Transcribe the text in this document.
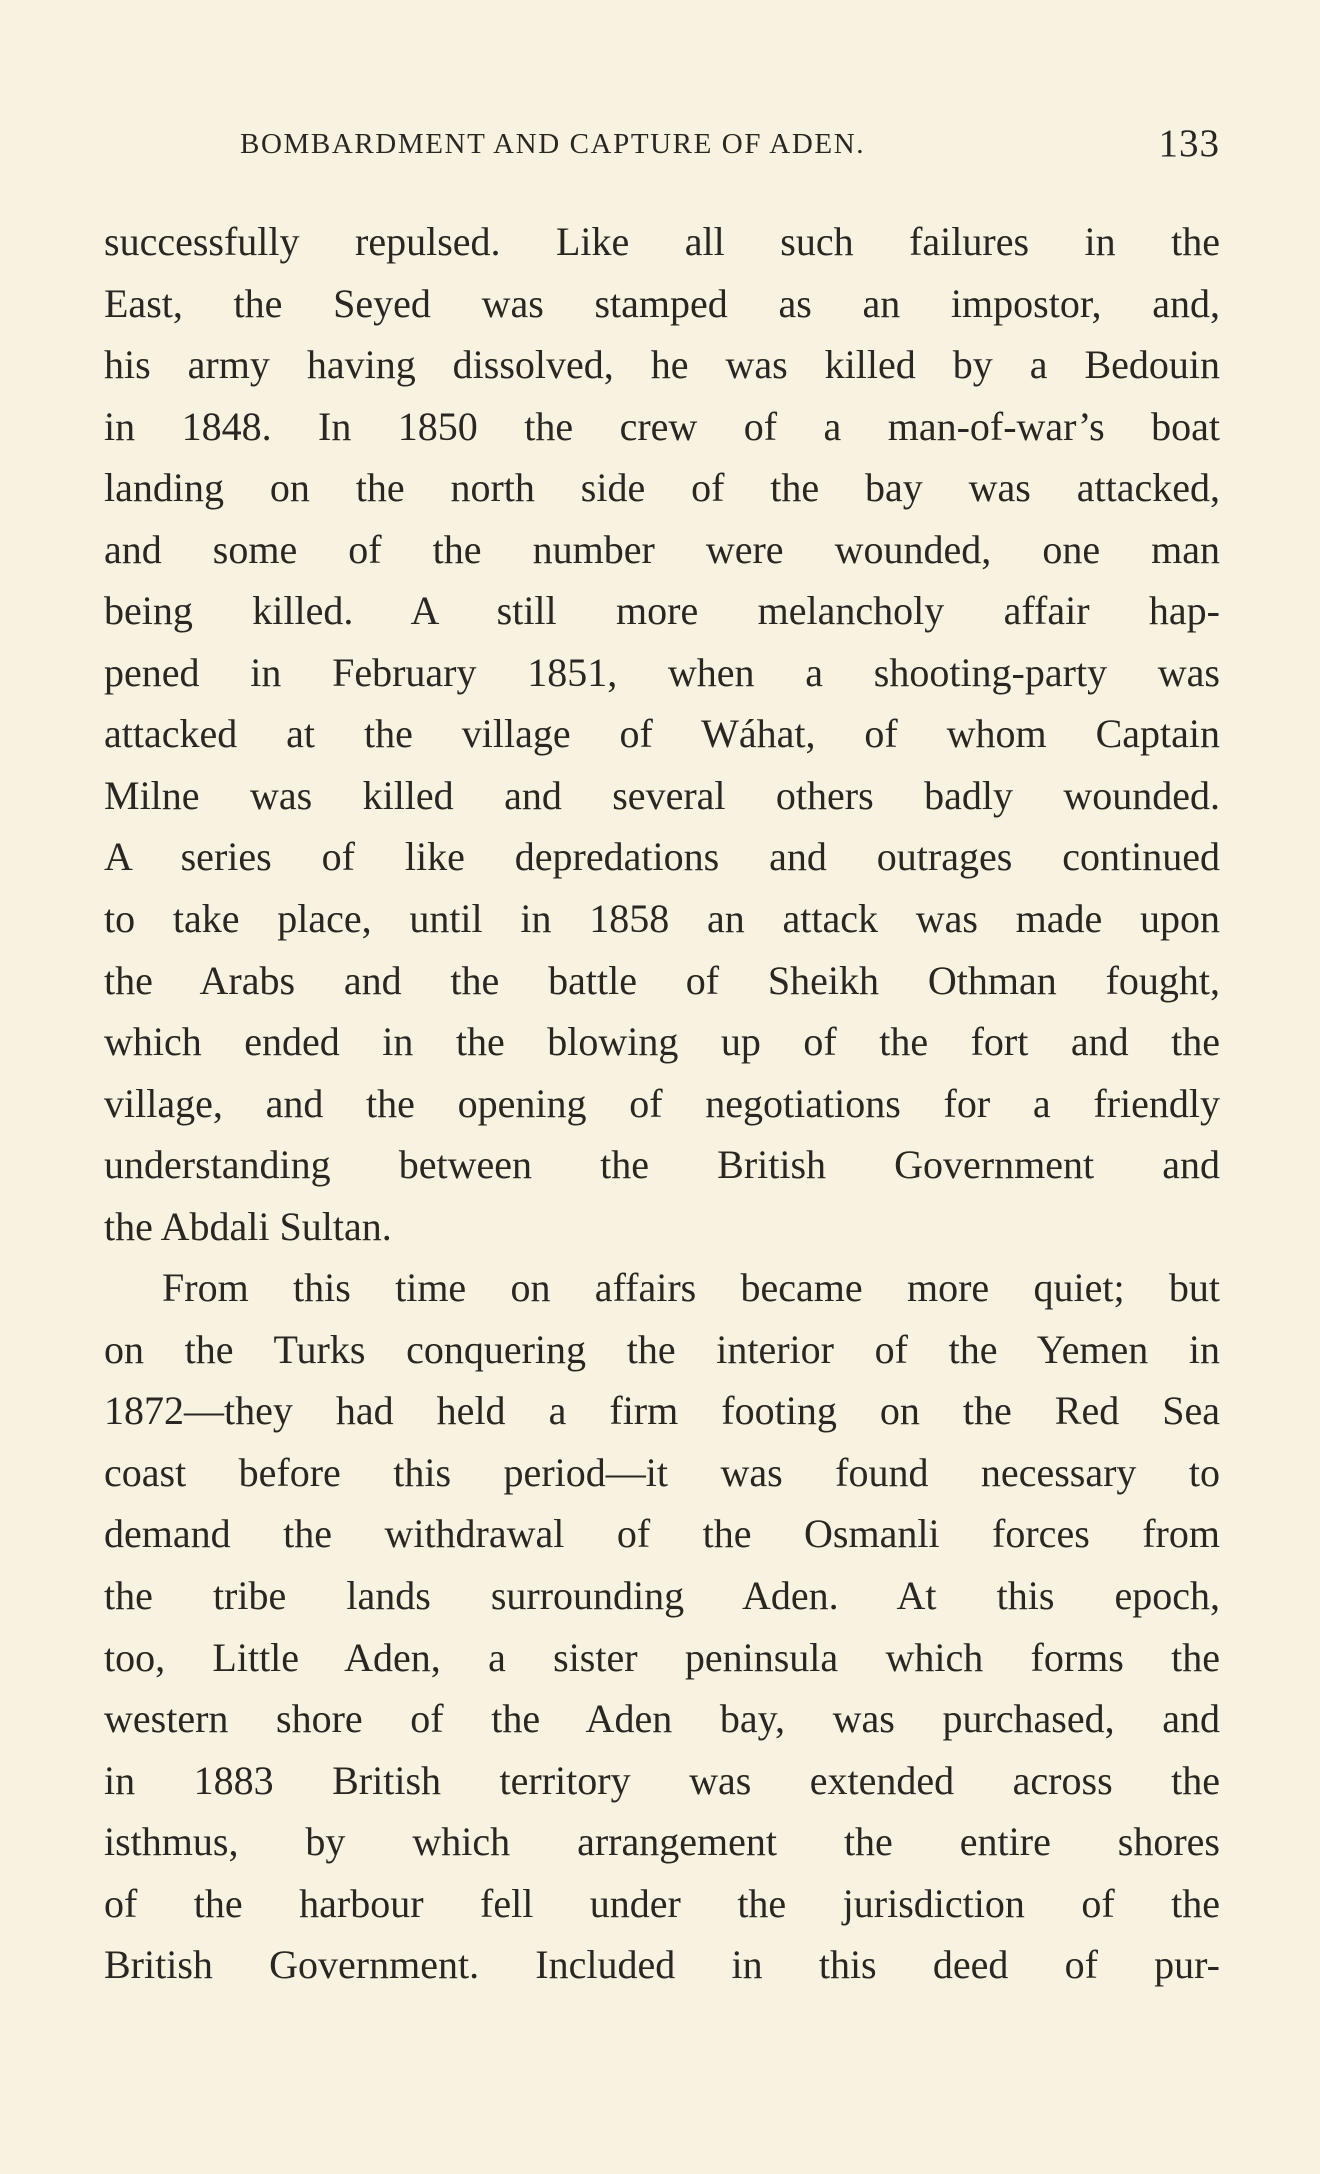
BOMBARDMENT AND CAPTURE OF ADEN.	133
successfully repulsed. Like all such failures in the
East, the Seyed was stamped as an impostor, and,
his army having dissolved, he was killed by a Bedouin
in 1848. In 1850 the crew of a man-of-war’s boat
landing on the north side of the bay was attacked,
and some of the number were wounded, one man
being killed. A still more melancholy affair hap-
pened in February 1851, when a shooting-party was
attacked at the village of Wáhat, of whom Captain
Milne was killed and several others badly wounded.
A series of like depredations and outrages continued
to take place, until in 1858 an attack was made upon
the Arabs and the battle of Sheikh Othman fought,
which ended in the blowing up of the fort and the
village, and the opening of negotiations for a friendly
understanding between the British Government and
the Abdali Sultan.
From this time on affairs became more quiet; but
on the Turks conquering the interior of the Yemen in
1872—they had held a firm footing on the Red Sea
coast before this period—it was found necessary to
demand the withdrawal of the Osmanli forces from
the tribe lands surrounding Aden. At this epoch,
too, Little Aden, a sister peninsula which forms the
western shore of the Aden bay, was purchased, and
in 1883 British territory was extended across the
isthmus, by which arrangement the entire shores
of the harbour fell under the jurisdiction of the
British Government. Included in this deed of pur-
